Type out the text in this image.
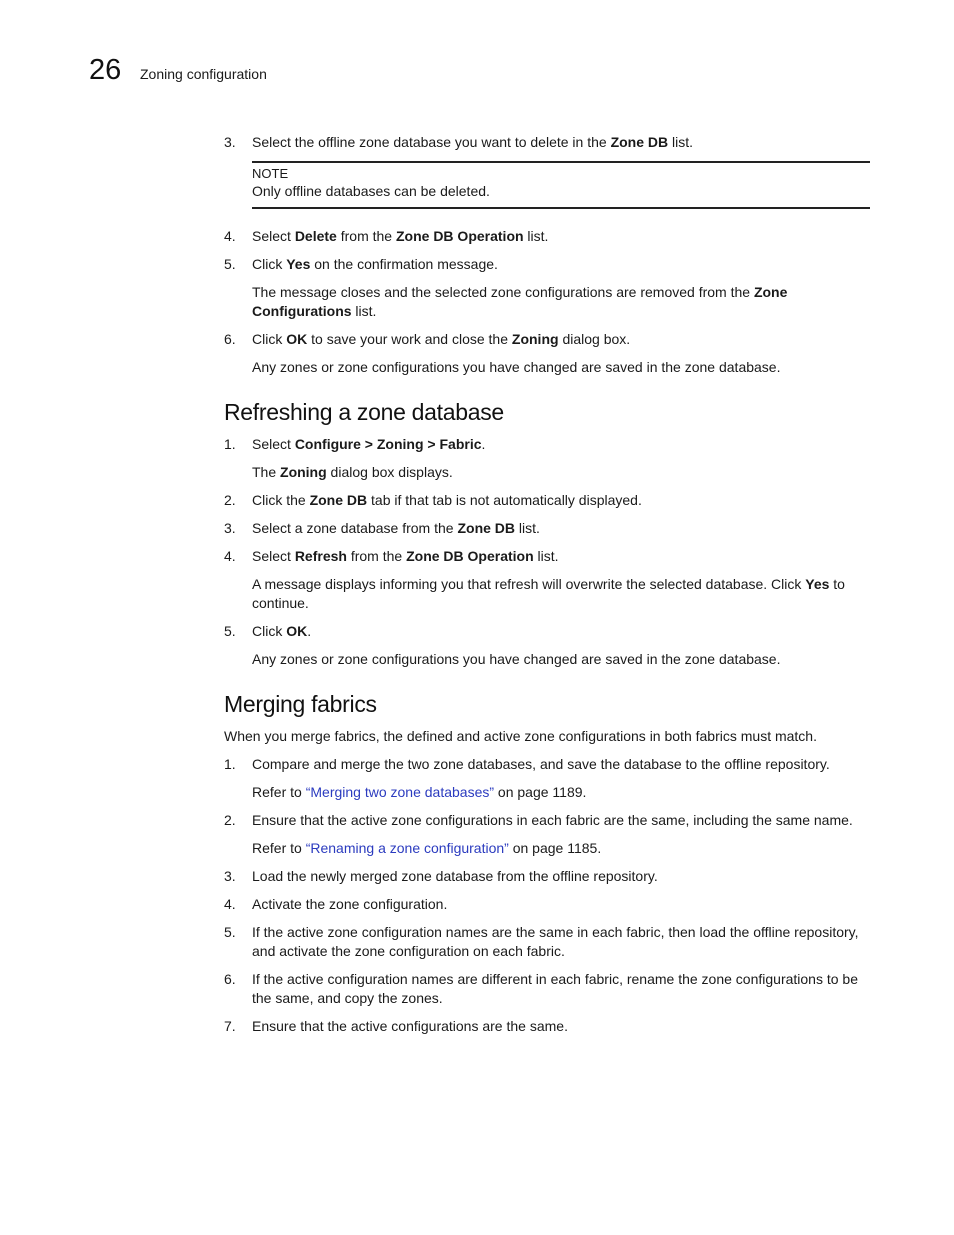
26 Zoning configuration
3. Select the offline zone database you want to delete in the Zone DB list.
NOTE
Only offline databases can be deleted.
4. Select Delete from the Zone DB Operation list.
5. Click Yes on the confirmation message.
The message closes and the selected zone configurations are removed from the Zone Configurations list.
6. Click OK to save your work and close the Zoning dialog box.
Any zones or zone configurations you have changed are saved in the zone database.
Refreshing a zone database
1. Select Configure > Zoning > Fabric.
The Zoning dialog box displays.
2. Click the Zone DB tab if that tab is not automatically displayed.
3. Select a zone database from the Zone DB list.
4. Select Refresh from the Zone DB Operation list.
A message displays informing you that refresh will overwrite the selected database. Click Yes to continue.
5. Click OK.
Any zones or zone configurations you have changed are saved in the zone database.
Merging fabrics
When you merge fabrics, the defined and active zone configurations in both fabrics must match.
1. Compare and merge the two zone databases, and save the database to the offline repository.
Refer to “Merging two zone databases” on page 1189.
2. Ensure that the active zone configurations in each fabric are the same, including the same name.
Refer to “Renaming a zone configuration” on page 1185.
3. Load the newly merged zone database from the offline repository.
4. Activate the zone configuration.
5. If the active zone configuration names are the same in each fabric, then load the offline repository, and activate the zone configuration on each fabric.
6. If the active configuration names are different in each fabric, rename the zone configurations to be the same, and copy the zones.
7. Ensure that the active configurations are the same.
